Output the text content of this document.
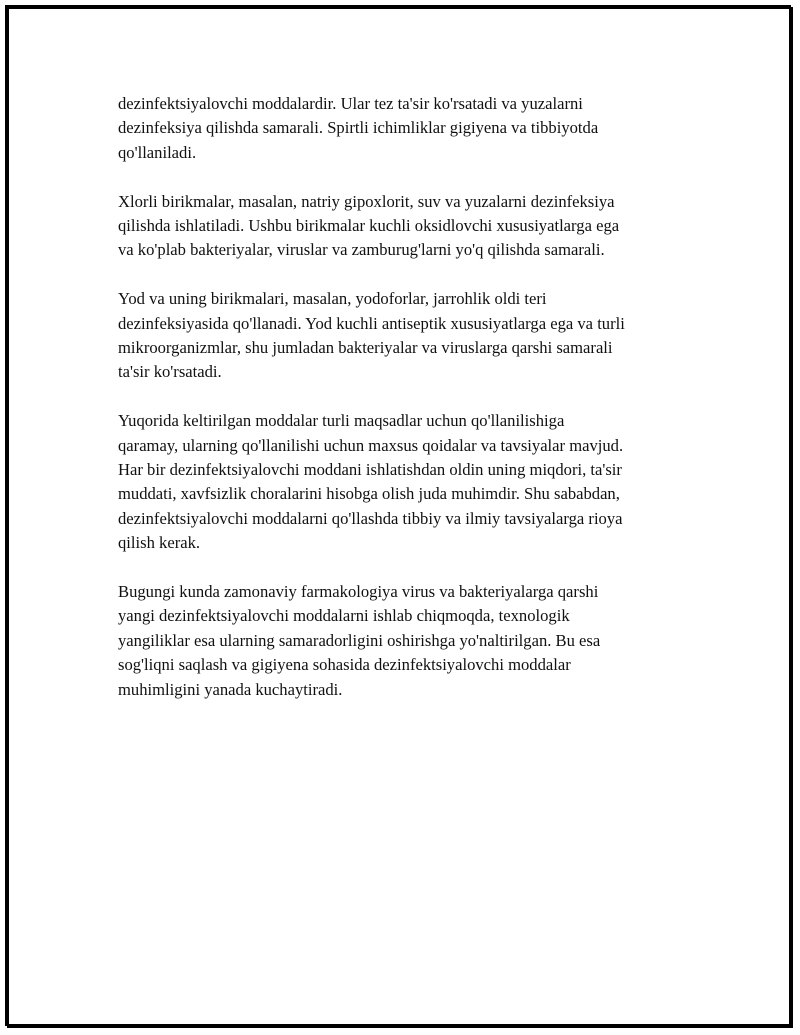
dezinfektsiyalovchi moddalardir. Ular tez ta'sir ko'rsatadi va yuzalarni
dezinfeksiya qilishda samarali. Spirtli ichimliklar gigiyena va tibbiyotda
qo'llaniladi.

Xlorli birikmalar, masalan, natriy gipoxlorit, suv va yuzalarni dezinfeksiya
qilishda ishlatiladi. Ushbu birikmalar kuchli oksidlovchi xususiyatlarga ega
va ko'plab bakteriyalar, viruslar va zamburug'larni yo'q qilishda samarali.

Yod va uning birikmalari, masalan, yodoforlar, jarrohlik oldi teri
dezinfeksiyasida qo'llanadi. Yod kuchli antiseptik xususiyatlarga ega va turli
mikroorganizmlar, shu jumladan bakteriyalar va viruslarga qarshi samarali
ta'sir ko'rsatadi.

Yuqorida keltirilgan moddalar turli maqsadlar uchun qo'llanilishiga
qaramay, ularning qo'llanilishi uchun maxsus qoidalar va tavsiyalar mavjud.
Har bir dezinfektsiyalovchi moddani ishlatishdan oldin uning miqdori, ta'sir
muddati, xavfsizlik choralarini hisobga olish juda muhimdir. Shu sababdan,
dezinfektsiyalovchi moddalarni qo'llashda tibbiy va ilmiy tavsiyalarga rioya
qilish kerak.

Bugungi kunda zamonaviy farmakologiya virus va bakteriyalarga qarshi
yangi dezinfektsiyalovchi moddalarni ishlab chiqmoqda, texnologik
yangiliklar esa ularning samaradorligini oshirishga yo'naltirilgan. Bu esa
sog'liqni saqlash va gigiyena sohasida dezinfektsiyalovchi moddalar
muhimligini yanada kuchaytiradi.
